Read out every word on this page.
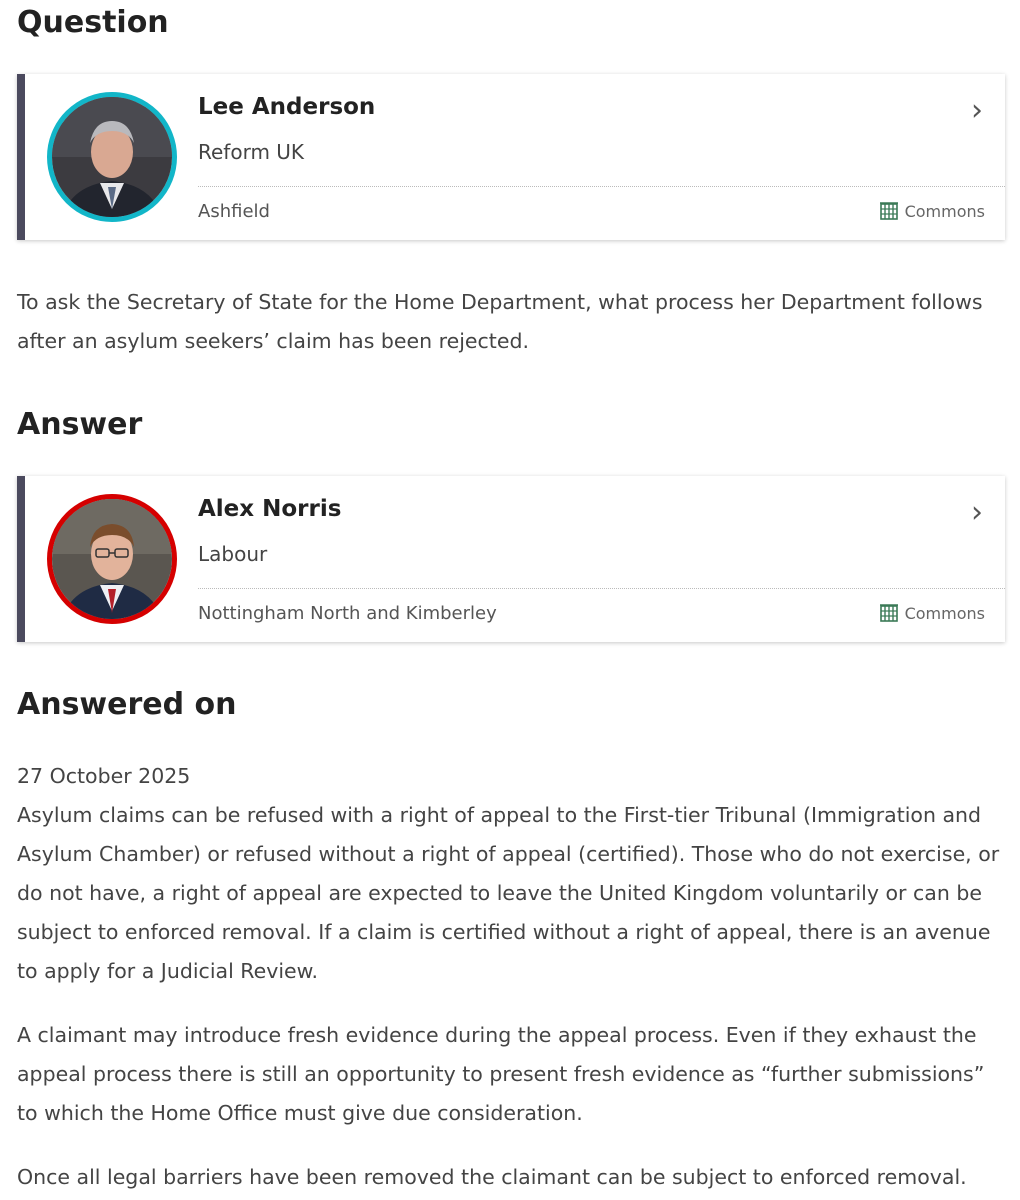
Question
Lee Anderson
Reform UK
›
Ashfield	Commons

To ask the Secretary of State for the Home Department, what process her Department follows after an asylum seekers’ claim has been rejected.

Answer
Alex Norris
Labour
›
Nottingham North and Kimberley	Commons
Answered on

27 October 2025

Asylum claims can be refused with a right of appeal to the First-tier Tribunal (Immigration and Asylum Chamber) or refused without a right of appeal (certified). Those who do not exercise, or do not have, a right of appeal are expected to leave the United Kingdom voluntarily or can be subject to enforced removal. If a claim is certified without a right of appeal, there is an avenue to apply for a Judicial Review.

A claimant may introduce fresh evidence during the appeal process. Even if they exhaust the appeal process there is still an opportunity to present fresh evidence as “further submissions” to which the Home Office must give due consideration.

Once all legal barriers have been removed the claimant can be subject to enforced removal.
